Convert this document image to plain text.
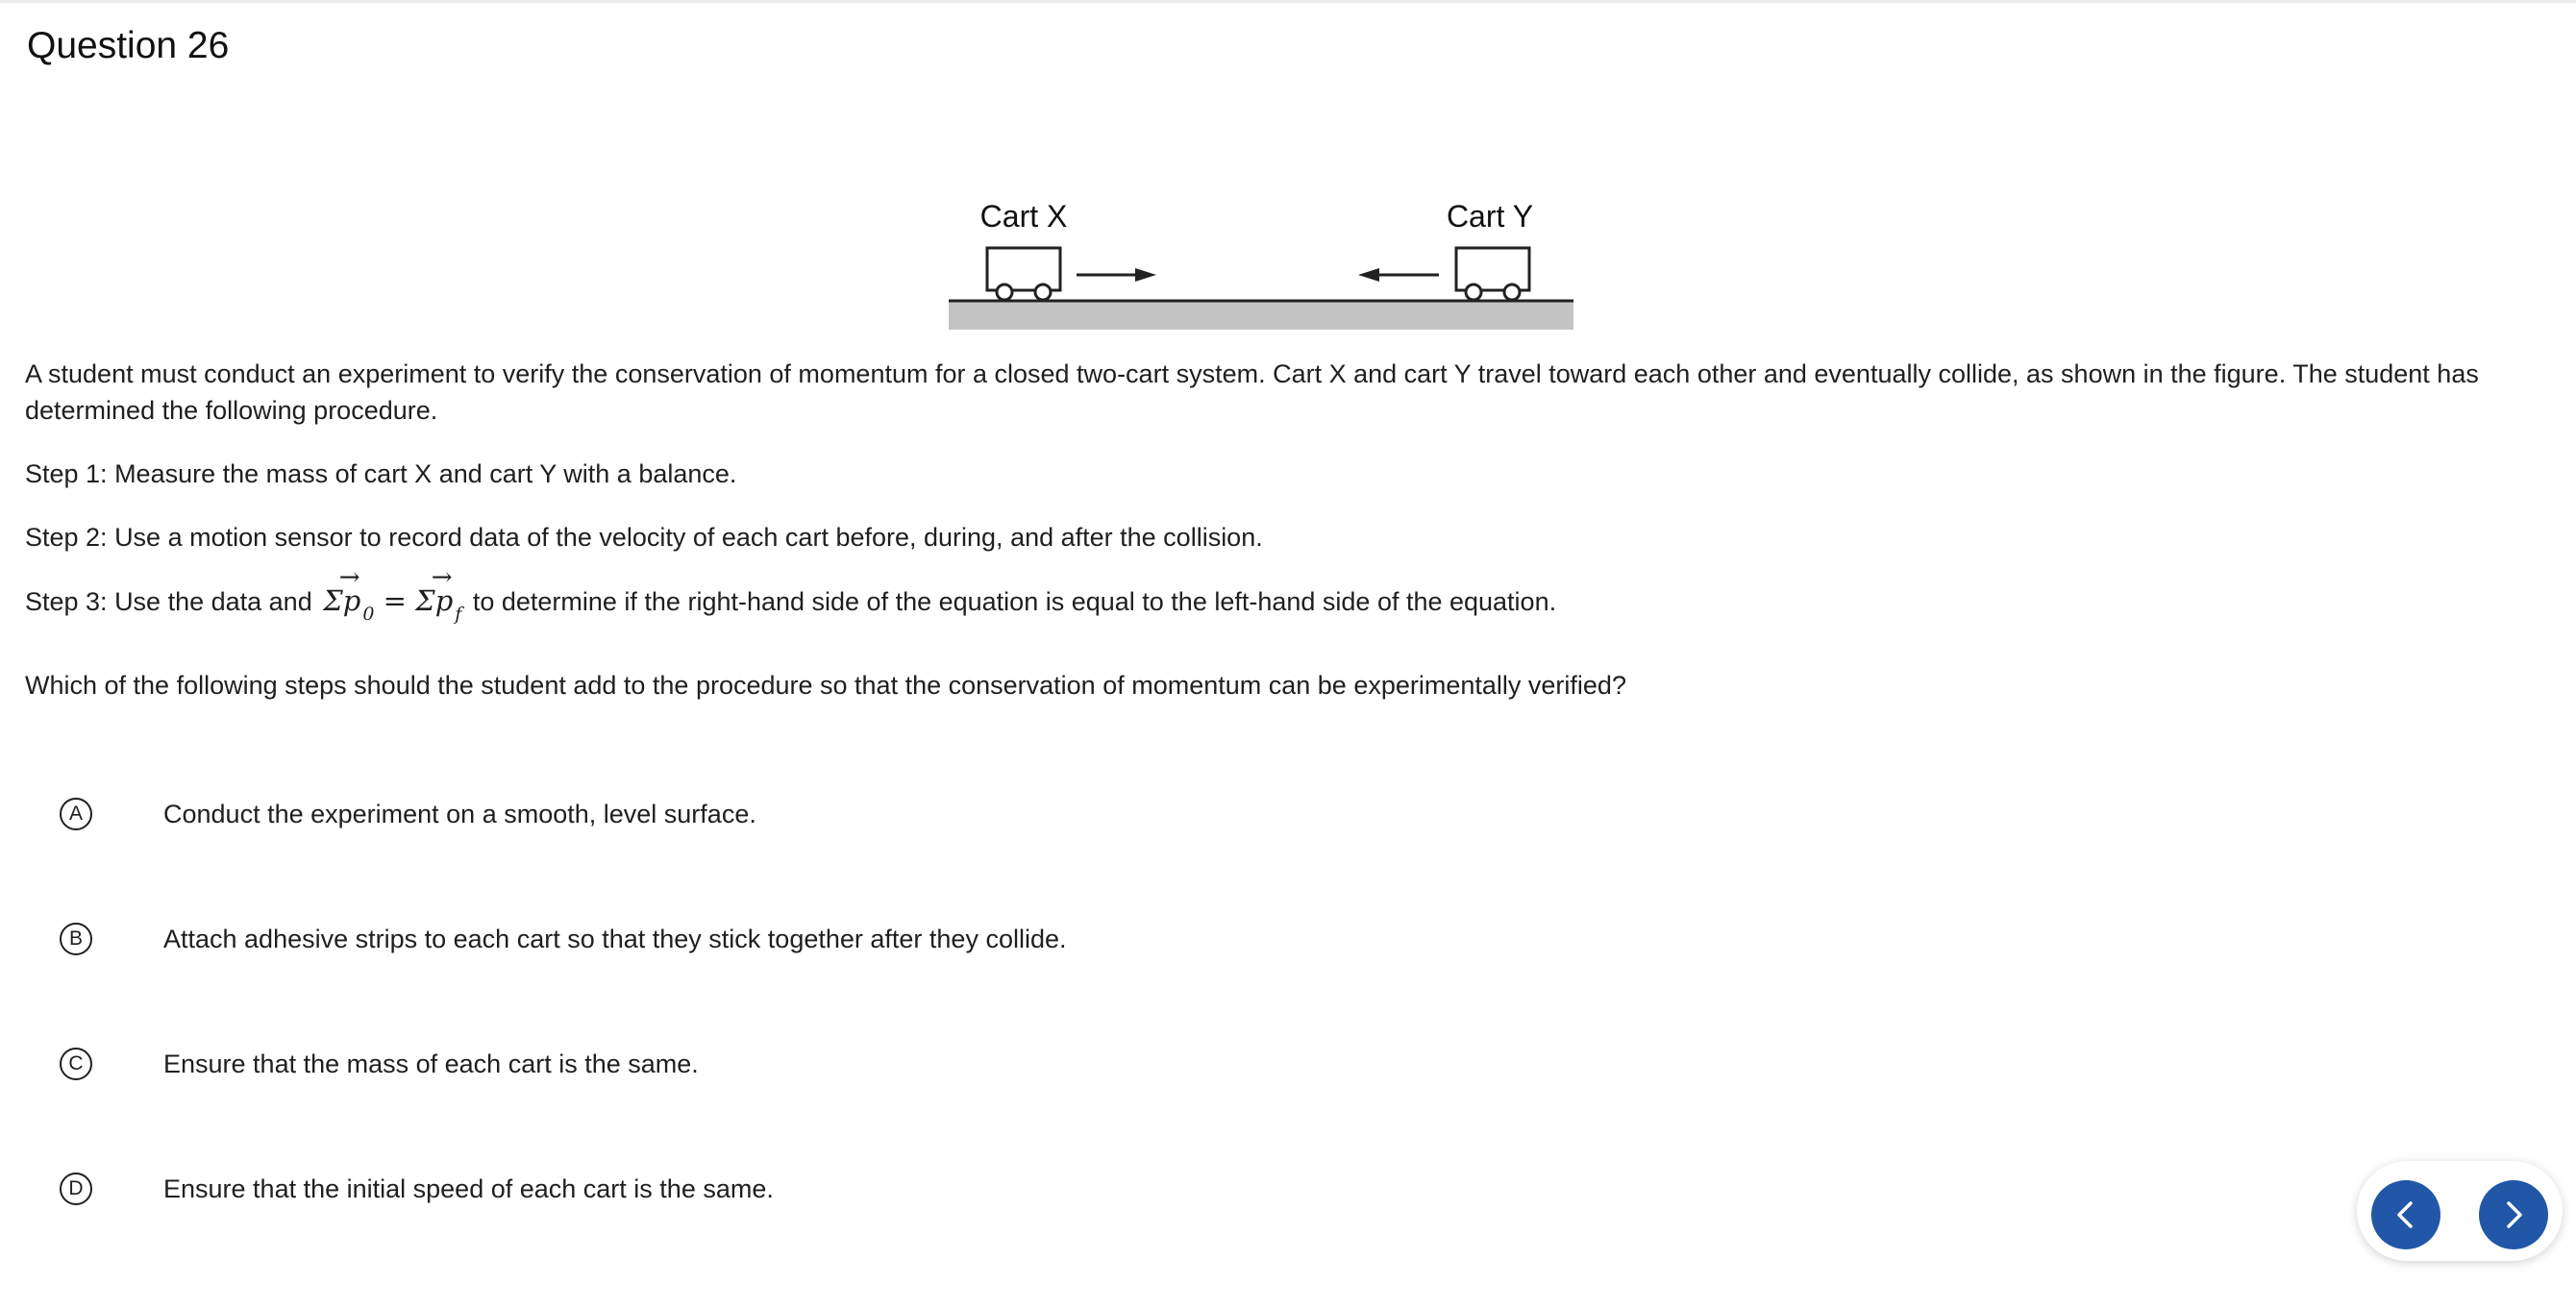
Question 26
Cart X	Cart Y

A student must conduct an experiment to verify the conservation of momentum for a closed two-cart system. Cart X and cart Y travel toward each other and eventually collide, as shown in the figure. The student has determined the following procedure.

Step 1: Measure the mass of cart X and cart Y with a balance.

Step 2: Use a motion sensor to record data of the velocity of each cart before, during, and after the collision.

Step 3: Use the data and Σ→ p $_0$ = Σ→ p $_f$ to determine if the right-hand side of the equation is equal to the left-hand side of the equation.

Which of the following steps should the student add to the procedure so that the conservation of momentum can be experimentally verified?

A	Conduct the experiment on a smooth, level surface.
B	Attach adhesive strips to each cart so that they stick together after they collide.
C	Ensure that the mass of each cart is the same.
D	Ensure that the initial speed of each cart is the same.
